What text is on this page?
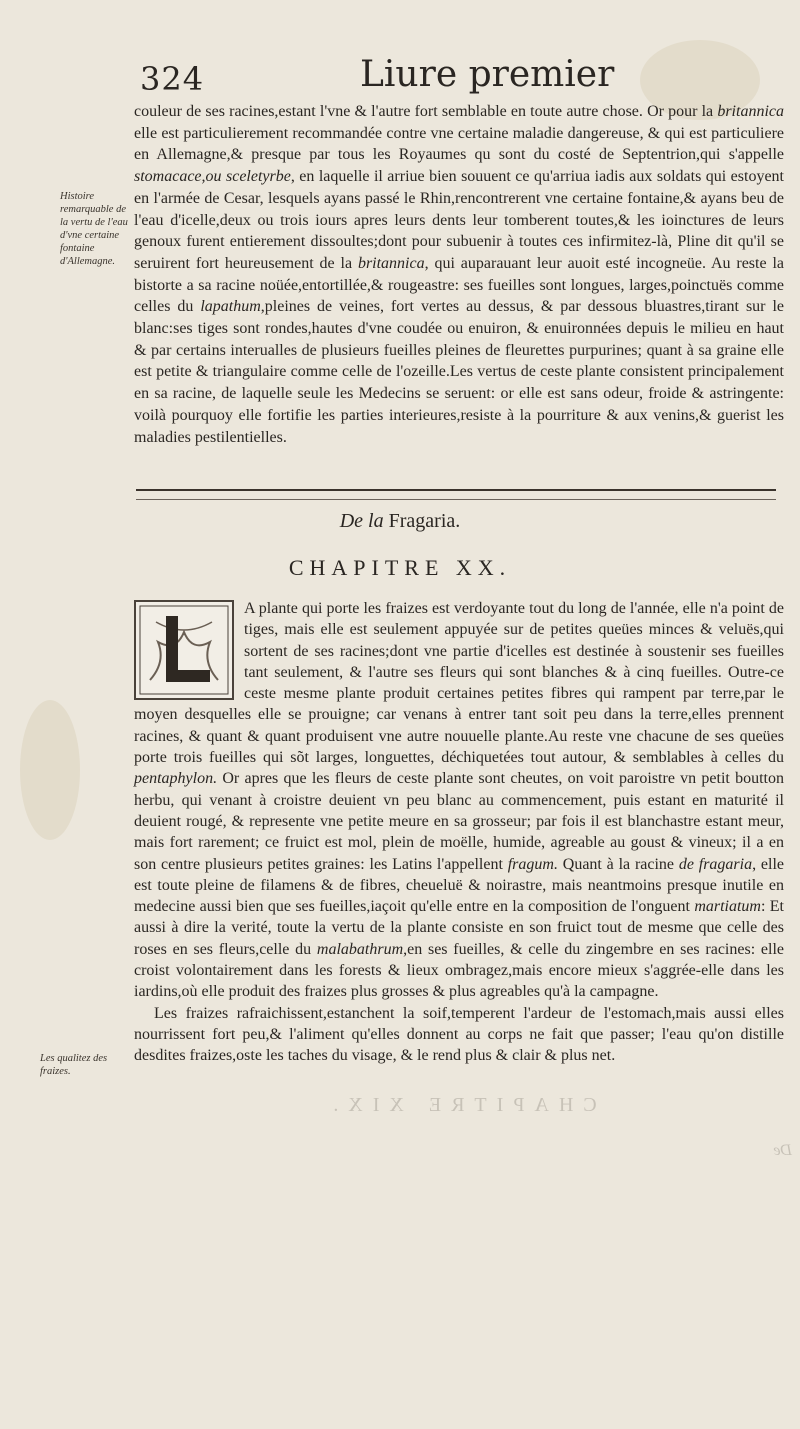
324	Liure premier
Histoire remarquable de la vertu de l'eau d'vne certaine fontaine d'Allemagne.

couleur de ses racines,estant l'vne & l'autre fort semblable en toute autre chose. Or pour la britannica elle est particulierement recommandée contre vne certaine maladie dangereuse, & qui est particuliere en Allemagne,& presque par tous les Royaumes qu sont du costé de Septentrion,qui s'appelle stomacace,ou sceletyrbe, en laquelle il arriue bien souuent ce qu'arriua iadis aux soldats qui estoyent en l'armée de Cesar, lesquels ayans passé le Rhin,rencontrerent vne certaine fontaine,& ayans beu de l'eau d'icelle,deux ou trois iours apres leurs dents leur tomberent toutes,& les ioinctures de leurs genoux furent entierement dissoultes;dont pour subuenir à toutes ces infirmitez-là, Pline dit qu'il se seruirent fort heureusement de la britannica, qui auparauant leur auoit esté incogneüe. Au reste la bistorte a sa racine noüée,entortillée,& rougeastre: ses fueilles sont longues, larges,poinctuës comme celles du lapathum,pleines de veines, fort vertes au dessus, & par dessous bluastres,tirant sur le blanc:ses tiges sont rondes,hautes d'vne coudée ou enuiron, & enuironnées depuis le milieu en haut & par certains interualles de plusieurs fueilles pleines de fleurettes purpurines; quant à sa graine elle est petite & triangulaire comme celle de l'ozeille.Les vertus de ceste plante consistent principalement en sa racine, de laquelle seule les Medecins se seruent: or elle est sans odeur, froide & astringente: voilà pourquoy elle fortifie les parties interieures,resiste à la pourriture & aux venins,& guerist les maladies pestilentielles.

De la Fragaria.
CHAPITRE XX.

A plante qui porte les fraizes est verdoyante tout du long de l'année, elle n'a point de tiges, mais elle est seulement appuyée sur de petites queües minces & veluës,qui sortent de ses racines;dont vne partie d'icelles est destinée à soustenir ses fueilles tant seulement, & l'autre ses fleurs qui sont blanches & à cinq fueilles. Outre-ce ceste mesme plante produit certaines petites fibres qui rampent par terre,par le moyen desquelles elle se prouigne; car venans à entrer tant soit peu dans la terre,elles prennent racines, & quant & quant produisent vne autre nouuelle plante.Au reste vne chacune de ses queües porte trois fueilles qui sõt larges, longuettes, déchiquetées tout autour, & semblables à celles du pentaphylon. Or apres que les fleurs de ceste plante sont cheutes, on voit paroistre vn petit boutton herbu, qui venant à croistre deuient vn peu blanc au commencement, puis estant en maturité il deuient rougé, & represente vne petite meure en sa grosseur; par fois il est blanchastre estant meur, mais fort rarement; ce fruict est mol, plein de moëlle, humide, agreable au goust & vineux; il a en son centre plusieurs petites graines: les Latins l'appellent fragum. Quant à la racine de fragaria, elle est toute pleine de filamens & de fibres, cheueluë & noirastre, mais neantmoins presque inutile en medecine aussi bien que ses fueilles,iaçoit qu'elle entre en la composition de l'onguent martiatum: Et aussi à dire la verité, toute la vertu de la plante consiste en son fruict tout de mesme que celle des roses en ses fleurs,celle du malabathrum,en ses fueilles, & celle du zingembre en ses racines: elle croist volontairement dans les forests & lieux ombragez,mais encore mieux s'aggrée-elle dans les iardins,où elle produit des fraizes plus grosses & plus agreables qu'à la campagne.

Les fraizes rafraichissent,estanchent la soif,temperent l'ardeur de l'estomach,mais aussi elles nourrissent fort peu,& l'aliment qu'elles donnent au corps ne fait que passer; l'eau qu'on distille desdites fraizes,oste les taches du visage, & le rend plus & clair & plus net.

Les qualitez des fraizes.
CHAPITRE XIX.
De
